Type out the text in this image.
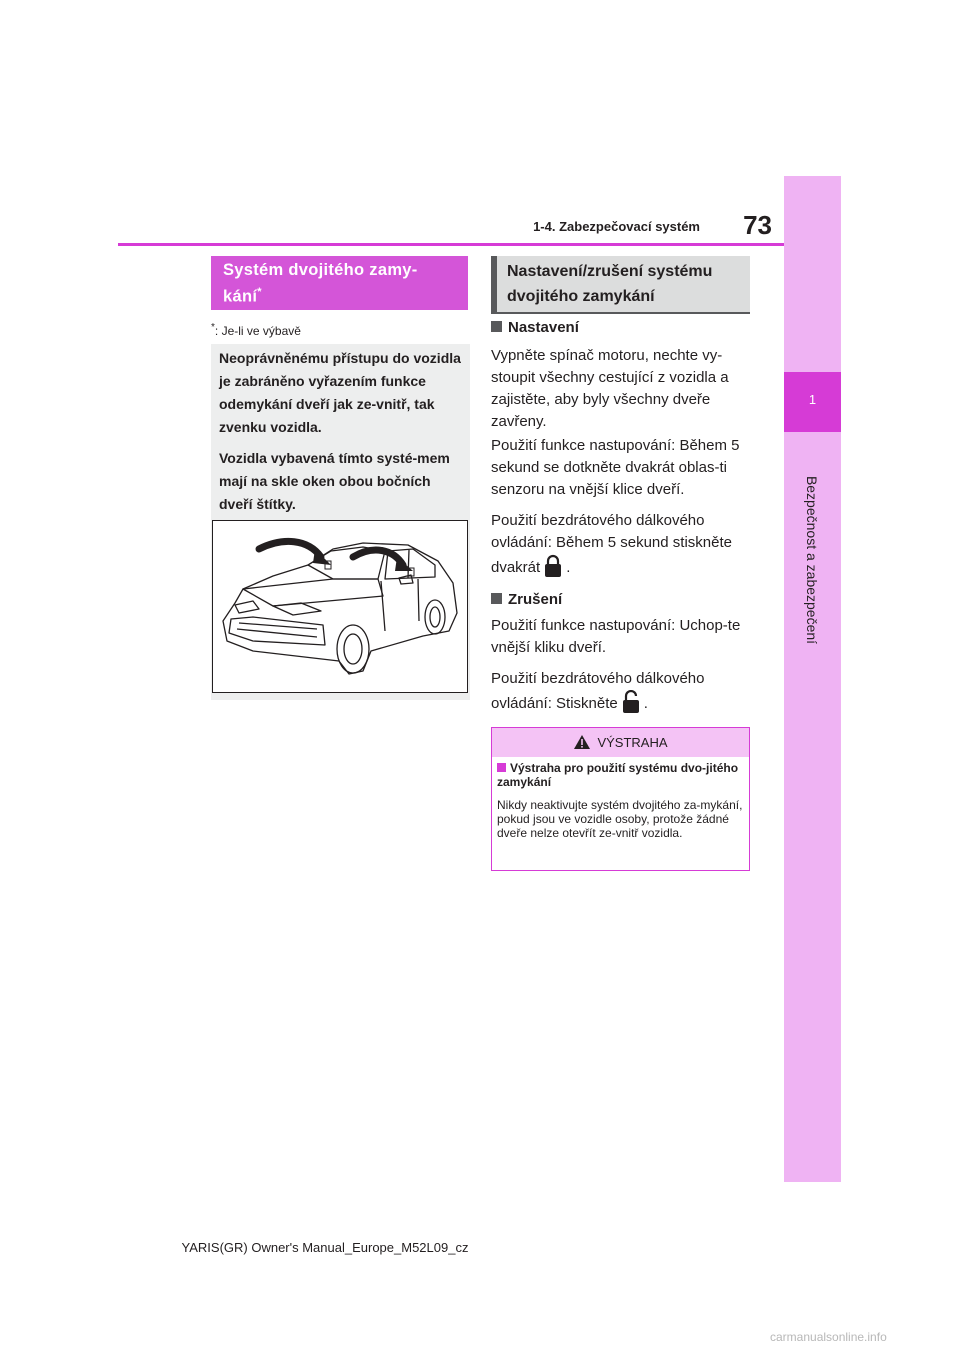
1
Bezpečnost a zabezpečení
1-4. Zabezpečovací systém	73
Systém dvojitého zamy-
kání*
*: Je-li ve výbavě

Neoprávněnému přístupu do vozidla je zabráněno vyřazením funkce odemykání dveří jak ze-vnitř, tak zvenku vozidla.

Vozidla vybavená tímto systé-mem mají na skle oken obou bočních dveří štítky.

Nastavení/zrušení systému dvojitého zamykání
Nastavení
Vypněte spínač motoru, nechte vy-stoupit všechny cestující z vozidla a zajistěte, aby byly všechny dveře zavřeny.
Použití funkce nastupování: Během 5 sekund se dotkněte dvakrát oblas-ti senzoru na vnější klice dveří.
Použití bezdrátového dálkového ovládání: Během 5 sekund stiskněte dvakrát .
Zrušení
Použití funkce nastupování: Uchop-te vnější kliku dveří.
Použití bezdrátového dálkového ovládání: Stiskněte .
VÝSTRAHA
Výstraha pro použití systému dvo-jitého zamykání
Nikdy neaktivujte systém dvojitého za-mykání, pokud jsou ve vozidle osoby, protože žádné dveře nelze otevřít ze-vnitř vozidla.
YARIS(GR) Owner's Manual_Europe_M52L09_cz
carmanualsonline.info
